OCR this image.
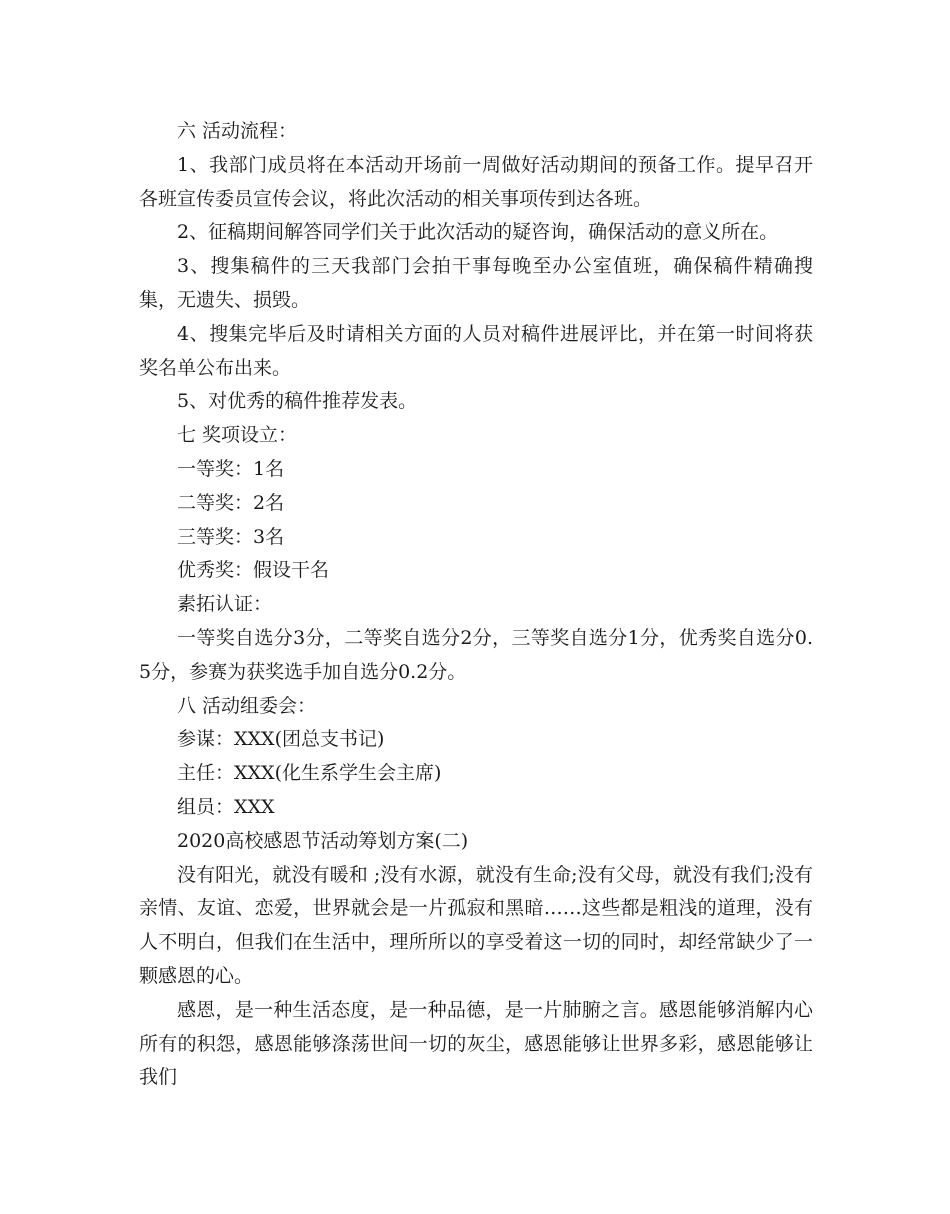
六 活动流程：

1、我部门成员将在本活动开场前一周做好活动期间的预备工作。提早召开各班宣传委员宣传会议，将此次活动的相关事项传到达各班。

2、征稿期间解答同学们关于此次活动的疑咨询，确保活动的意义所在。

3、搜集稿件的三天我部门会拍干事每晚至办公室值班，确保稿件精确搜集，无遗失、损毁。

4、搜集完毕后及时请相关方面的人员对稿件进展评比，并在第一时间将获奖名单公布出来。

5、对优秀的稿件推荐发表。

七 奖项设立：

一等奖：1名

二等奖：2名

三等奖：3名

优秀奖：假设干名

素拓认证：

一等奖自选分3分，二等奖自选分2分，三等奖自选分1分，优秀奖自选分0.5分，参赛为获奖选手加自选分0.2分。

八 活动组委会：

参谋：XXX(团总支书记)

主任：XXX(化生系学生会主席)

组员：XXX

2020高校感恩节活动筹划方案(二)

没有阳光，就没有暖和 ;没有水源，就没有生命;没有父母，就没有我们;没有亲情、友谊、恋爱，世界就会是一片孤寂和黑暗……这些都是粗浅的道理，没有人不明白，但我们在生活中，理所所以的享受着这一切的同时，却经常缺少了一颗感恩的心。

感恩，是一种生活态度，是一种品德，是一片肺腑之言。感恩能够消解内心所有的积怨，感恩能够涤荡世间一切的灰尘，感恩能够让世界多彩，感恩能够让我们
